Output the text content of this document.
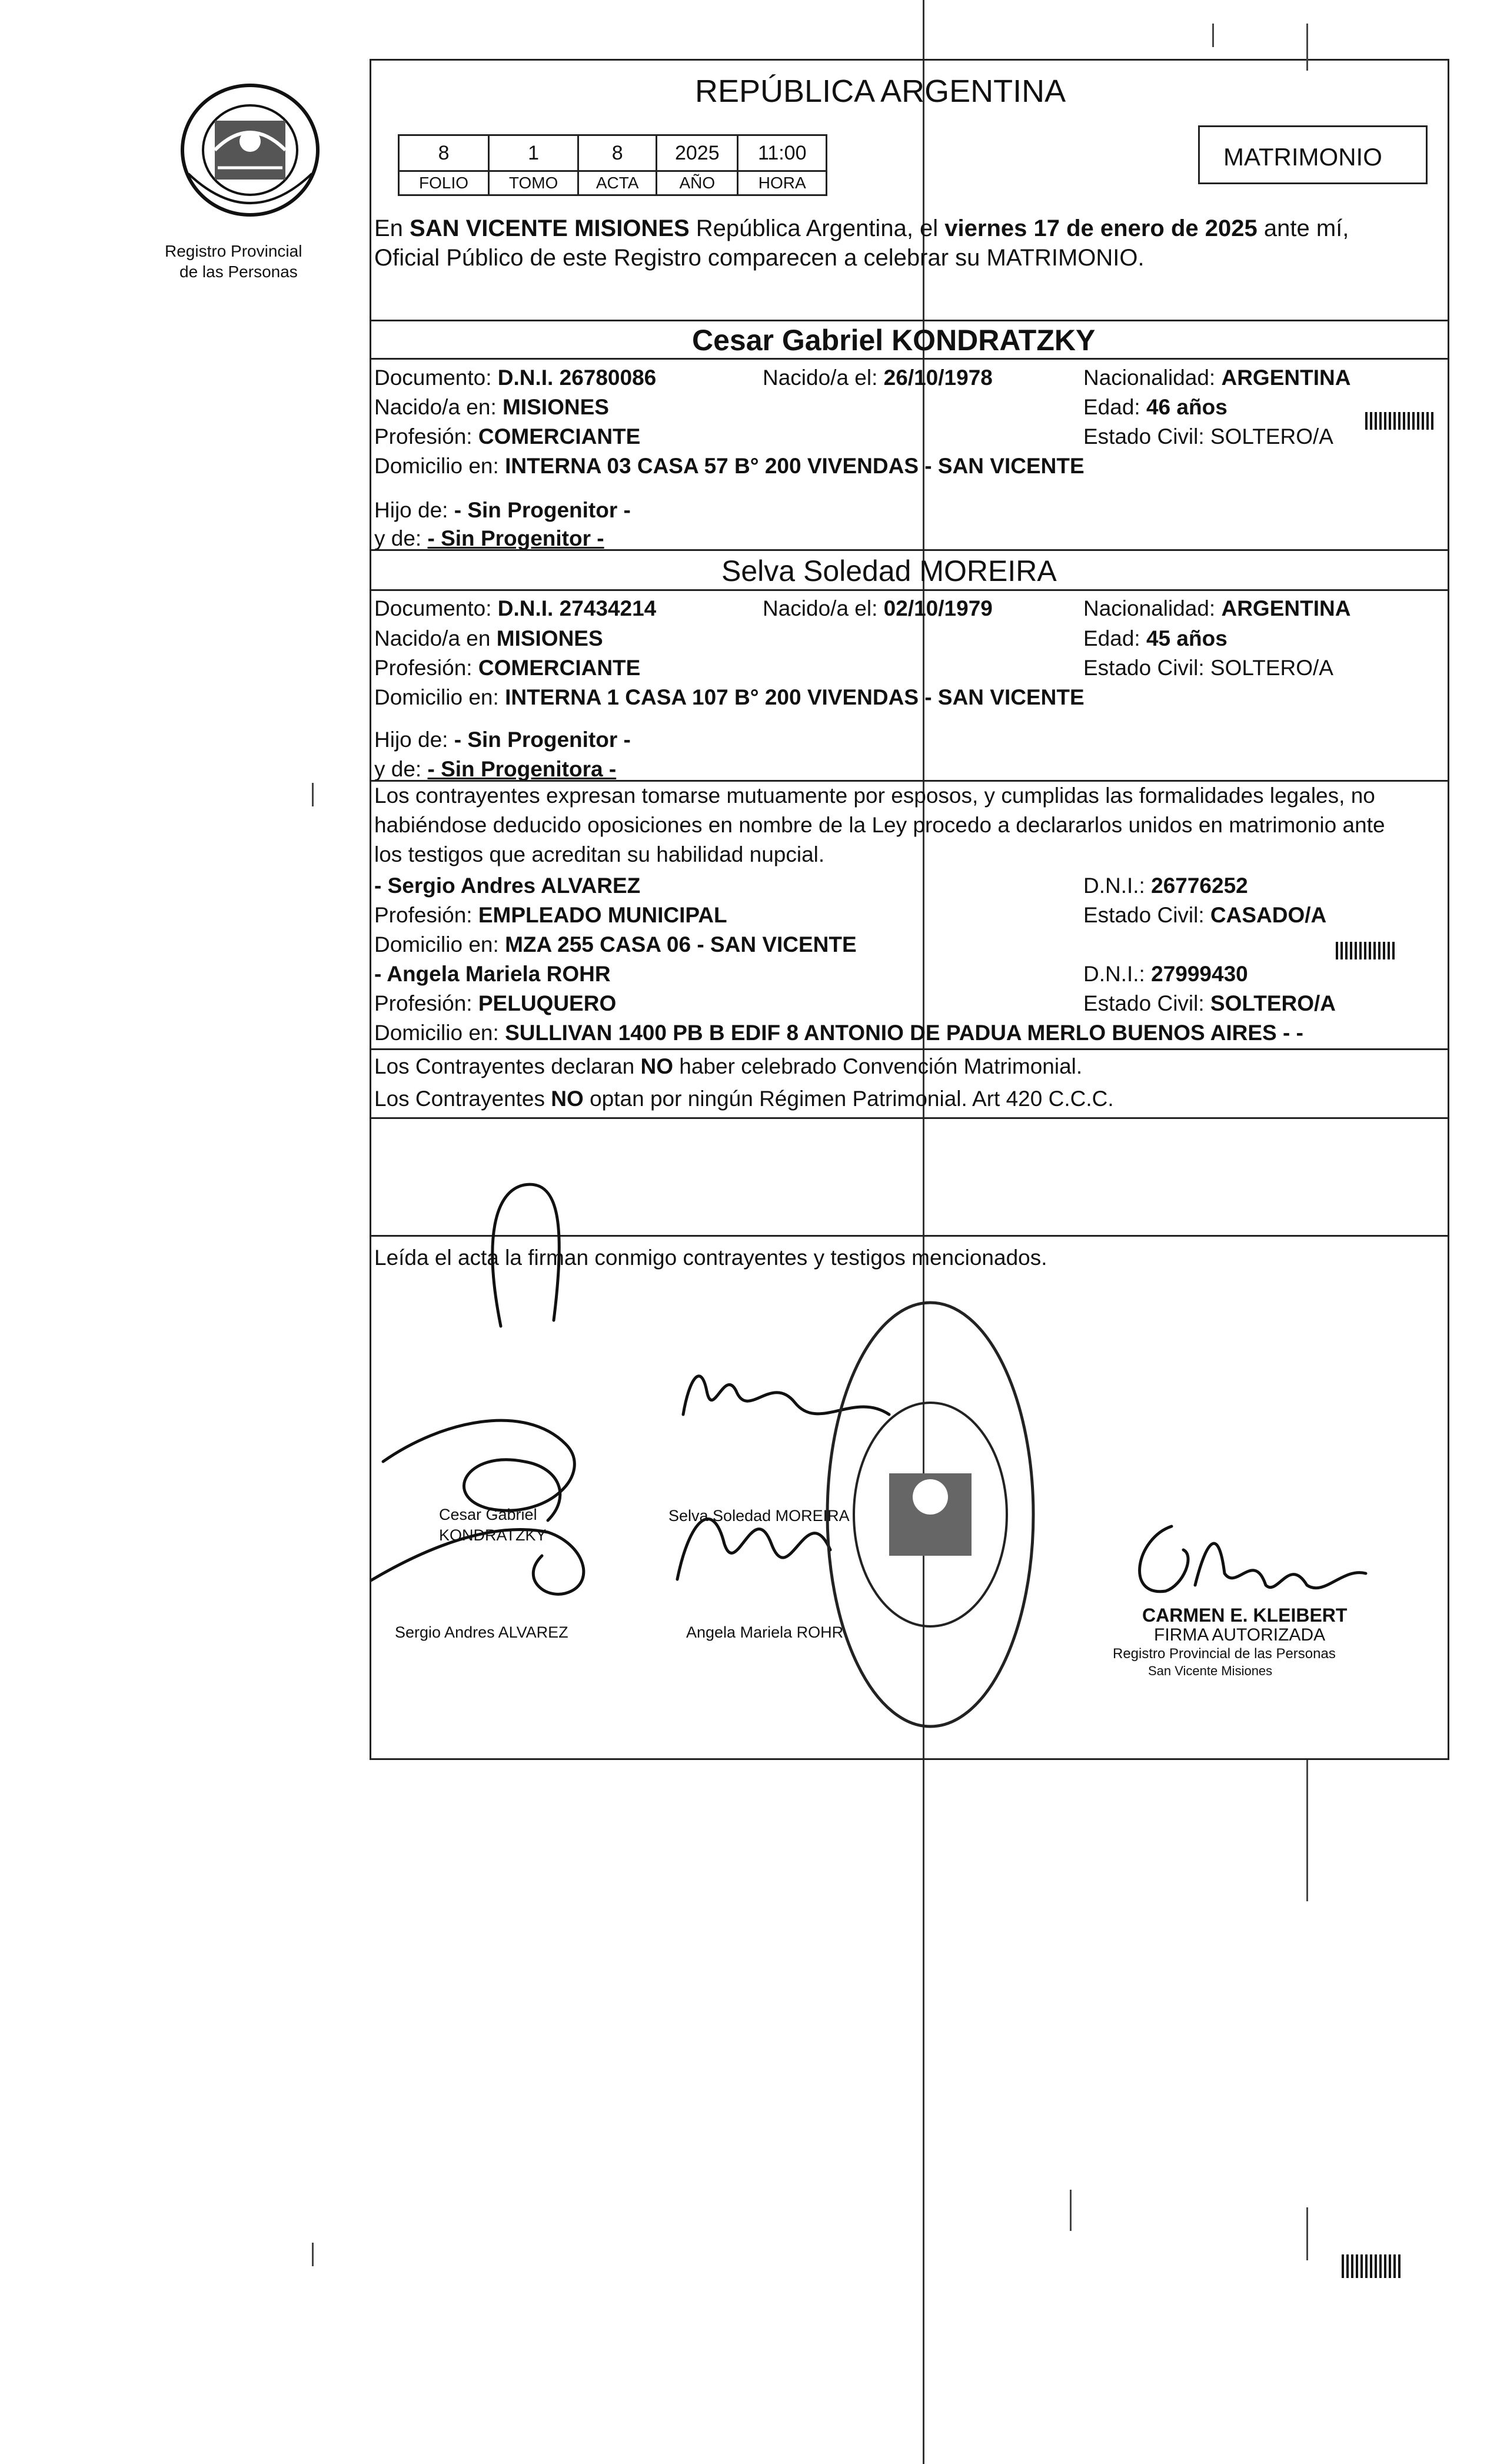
Registro Provincial
de las Personas
REPÚBLICA ARGENTINA
MATRIMONIO
8	1	8	2025	11:00
FOLIO	TOMO	ACTA	AÑO	HORA
En SAN VICENTE MISIONES República Argentina, el viernes 17 de enero de 2025 ante mí,
Oficial Público de este Registro comparecen a celebrar su MATRIMONIO.
Cesar Gabriel KONDRATZKY
Documento: D.N.I. 26780086	Nacido/a el: 26/10/1978	Nacionalidad: ARGENTINA
Nacido/a en: MISIONES	Edad: 46 años
Profesión: COMERCIANTE	Estado Civil: SOLTERO/A
Domicilio en: INTERNA 03 CASA 57 B° 200 VIVENDAS - SAN VICENTE
Hijo de: - Sin Progenitor -
y de: - Sin Progenitor -
Selva Soledad MOREIRA
Documento: D.N.I. 27434214	Nacido/a el: 02/10/1979	Nacionalidad: ARGENTINA
Nacido/a en MISIONES	Edad: 45 años
Profesión: COMERCIANTE	Estado Civil: SOLTERO/A
Domicilio en: INTERNA 1 CASA 107 B° 200 VIVENDAS - SAN VICENTE
Hijo de: - Sin Progenitor -
y de: - Sin Progenitora -
Los contrayentes expresan tomarse mutuamente por esposos, y cumplidas las formalidades legales, no
habiéndose deducido oposiciones en nombre de la Ley procedo a declararlos unidos en matrimonio ante
los testigos que acreditan su habilidad nupcial.
- Sergio Andres ALVAREZ	D.N.I.: 26776252
Profesión: EMPLEADO MUNICIPAL	Estado Civil: CASADO/A
Domicilio en: MZA 255 CASA 06 - SAN VICENTE
- Angela Mariela ROHR	D.N.I.: 27999430
Profesión: PELUQUERO	Estado Civil: SOLTERO/A
Domicilio en: SULLIVAN 1400 PB B EDIF 8 ANTONIO DE PADUA MERLO BUENOS AIRES - -
Los Contrayentes declaran NO haber celebrado Convención Matrimonial.
Los Contrayentes NO optan por ningún Régimen Patrimonial. Art 420 C.C.C.
Leída el acta la firman conmigo contrayentes y testigos mencionados.
Cesar Gabriel
KONDRATZKY
Selva Soledad MOREIRA
Sergio Andres ALVAREZ	Angela Mariela ROHR
CARMEN E. KLEIBERT
FIRMA AUTORIZADA
Registro Provincial de las Personas
San Vicente Misiones
